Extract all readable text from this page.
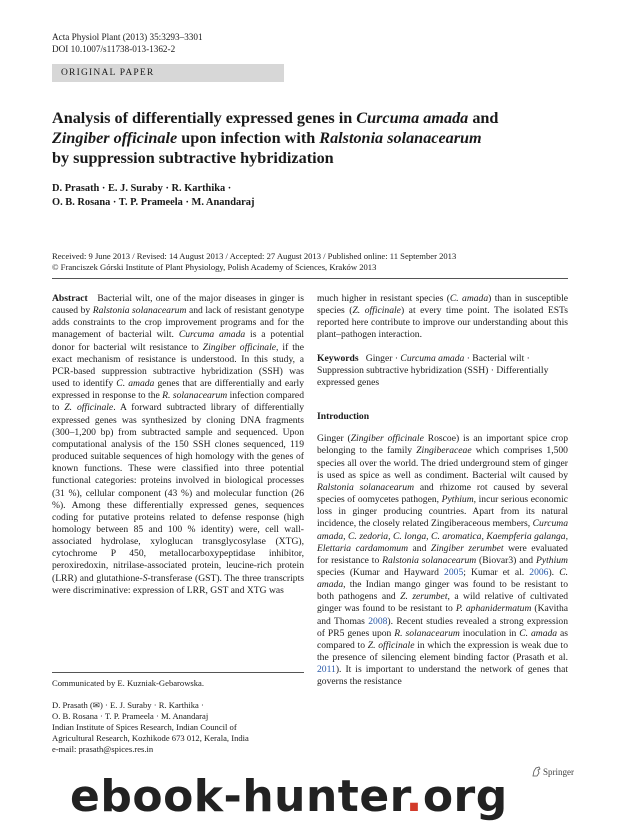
Acta Physiol Plant (2013) 35:3293–3301
DOI 10.1007/s11738-013-1362-2
ORIGINAL PAPER
Analysis of differentially expressed genes in Curcuma amada and
Zingiber officinale upon infection with Ralstonia solanacearum
by suppression subtractive hybridization
D. Prasath · E. J. Suraby · R. Karthika ·
O. B. Rosana · T. P. Prameela · M. Anandaraj
Received: 9 June 2013 / Revised: 14 August 2013 / Accepted: 27 August 2013 / Published online: 11 September 2013
© Franciszek Górski Institute of Plant Physiology, Polish Academy of Sciences, Kraków 2013

Abstract Bacterial wilt, one of the major diseases in ginger is caused by Ralstonia solanacearum and lack of resistant genotype adds constraints to the crop improvement programs and for the management of bacterial wilt. Curcuma amada is a potential donor for bacterial wilt resistance to Zingiber officinale, if the exact mechanism of resistance is understood. In this study, a PCR-based suppression subtractive hybridization (SSH) was used to identify C. amada genes that are differentially and early expressed in response to the R. solanacearum infection compared to Z. officinale. A forward subtracted library of differentially expressed genes was synthesized by cloning DNA fragments (300–1,200 bp) from subtracted sample and sequenced. Upon computational analysis of the 150 SSH clones sequenced, 119 produced suitable sequences of high homology with the genes of known functions. These were classified into three potential functional categories: proteins involved in biological processes (31 %), cellular component (43 %) and molecular function (26 %). Among these differentially expressed genes, sequences coding for putative proteins related to defense response (high homology between 85 and 100 % identity) were, cell wall-associated hydrolase, xyloglucan transglycosylase (XTG), cytochrome P 450, metallocarboxypeptidase inhibitor, peroxiredoxin, nitrilase-associated protein, leucine-rich protein (LRR) and glutathione-S-transferase (GST). The three transcripts were discriminative: expression of LRR, GST and XTG was

much higher in resistant species (C. amada) than in susceptible species (Z. officinale) at every time point. The isolated ESTs reported here contribute to improve our understanding about this plant–pathogen interaction.

Keywords Ginger · Curcuma amada · Bacterial wilt · Suppression subtractive hybridization (SSH) · Differentially expressed genes

Introduction

Ginger (Zingiber officinale Roscoe) is an important spice crop belonging to the family Zingiberaceae which comprises 1,500 species all over the world. The dried underground stem of ginger is used as spice as well as condiment. Bacterial wilt caused by Ralstonia solanacearum and rhizome rot caused by several species of oomycetes pathogen, Pythium, incur serious economic loss in ginger producing countries. Apart from its natural incidence, the closely related Zingiberaceous members, Curcuma amada, C. zedoria, C. longa, C. aromatica, Kaempferia galanga, Elettaria cardamomum and Zingiber zerumbet were evaluated for resistance to Ralstonia solanacearum (Biovar3) and Pythium species (Kumar and Hayward 2005; Kumar et al. 2006). C. amada, the Indian mango ginger was found to be resistant to both pathogens and Z. zerumbet, a wild relative of cultivated ginger was found to be resistant to P. aphanidermatum (Kavitha and Thomas 2008). Recent studies revealed a strong expression of PR5 genes upon R. solanacearum inoculation in C. amada as compared to Z. officinale in which the expression is weak due to the presence of silencing element binding factor (Prasath et al. 2011). It is important to understand the network of genes that governs the resistance

Communicated by E. Kuzniak-Gebarowska.
D. Prasath (✉) · E. J. Suraby · R. Karthika ·
O. B. Rosana · T. P. Prameela · M. Anandaraj
Indian Institute of Spices Research, Indian Council of
Agricultural Research, Kozhikode 673 012, Kerala, India
e-mail: prasath@spices.res.in
Springer
ebook-hunter.org
